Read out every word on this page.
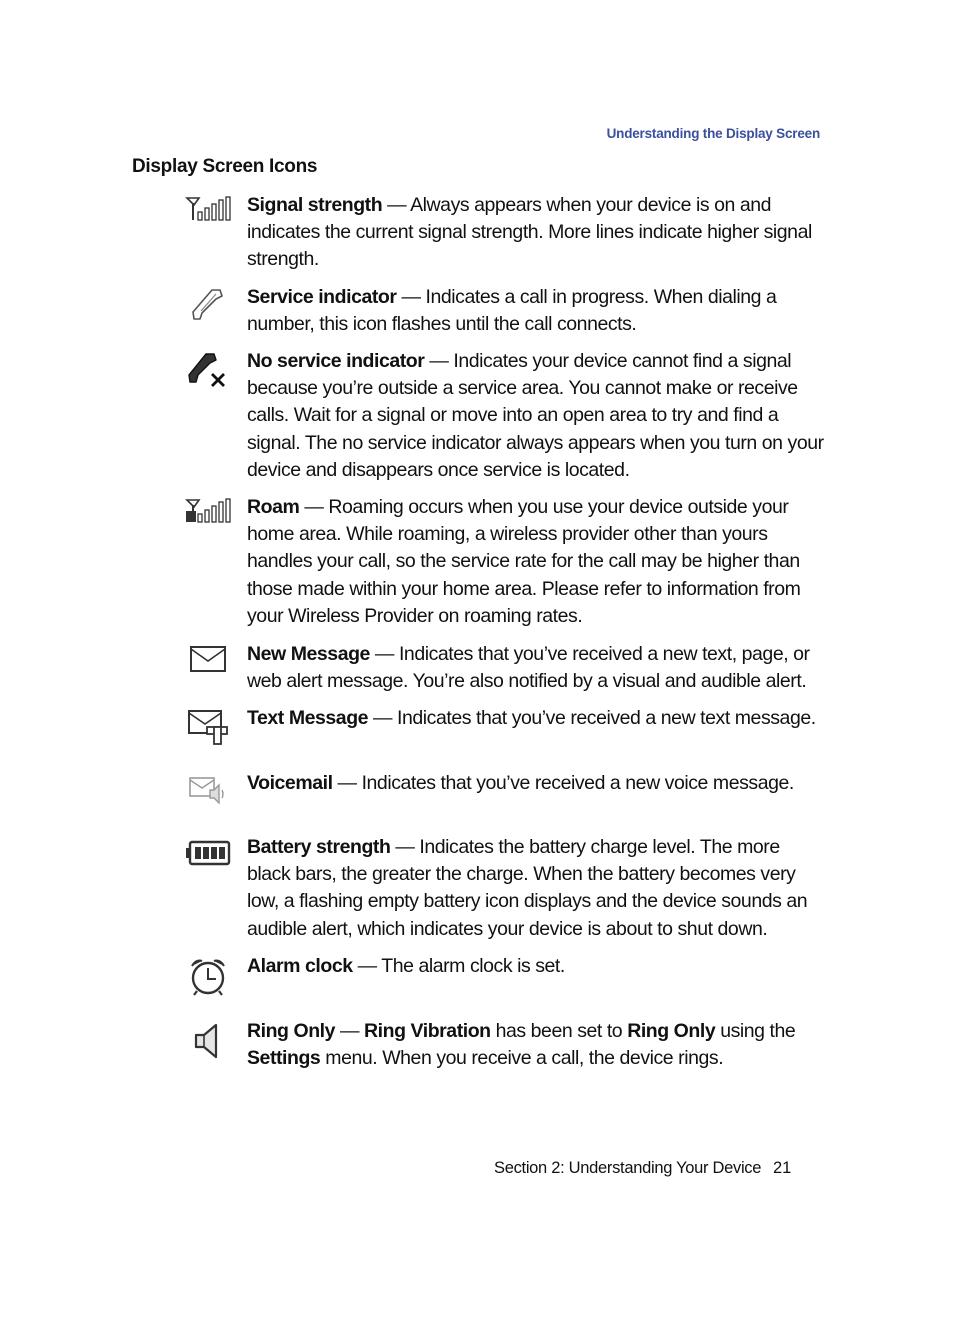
Understanding the Display Screen
Display Screen Icons
Signal strength — Always appears when your device is on and indicates the current signal strength. More lines indicate higher signal strength.
Service indicator — Indicates a call in progress. When dialing a number, this icon flashes until the call connects.
No service indicator — Indicates your device cannot find a signal because you’re outside a service area. You cannot make or receive calls. Wait for a signal or move into an open area to try and find a signal. The no service indicator always appears when you turn on your device and disappears once service is located.
Roam — Roaming occurs when you use your device outside your home area. While roaming, a wireless provider other than yours handles your call, so the service rate for the call may be higher than those made within your home area. Please refer to information from your Wireless Provider on roaming rates.
New Message — Indicates that you’ve received a new text, page, or web alert message. You’re also notified by a visual and audible alert.
Text Message — Indicates that you’ve received a new text message.
Voicemail — Indicates that you’ve received a new voice message.
Battery strength — Indicates the battery charge level. The more black bars, the greater the charge. When the battery becomes very low, a flashing empty battery icon displays and the device sounds an audible alert, which indicates your device is about to shut down.
Alarm clock — The alarm clock is set.
Ring Only — Ring Vibration has been set to Ring Only using the Settings menu. When you receive a call, the device rings.
Section 2: Understanding Your Device 21
